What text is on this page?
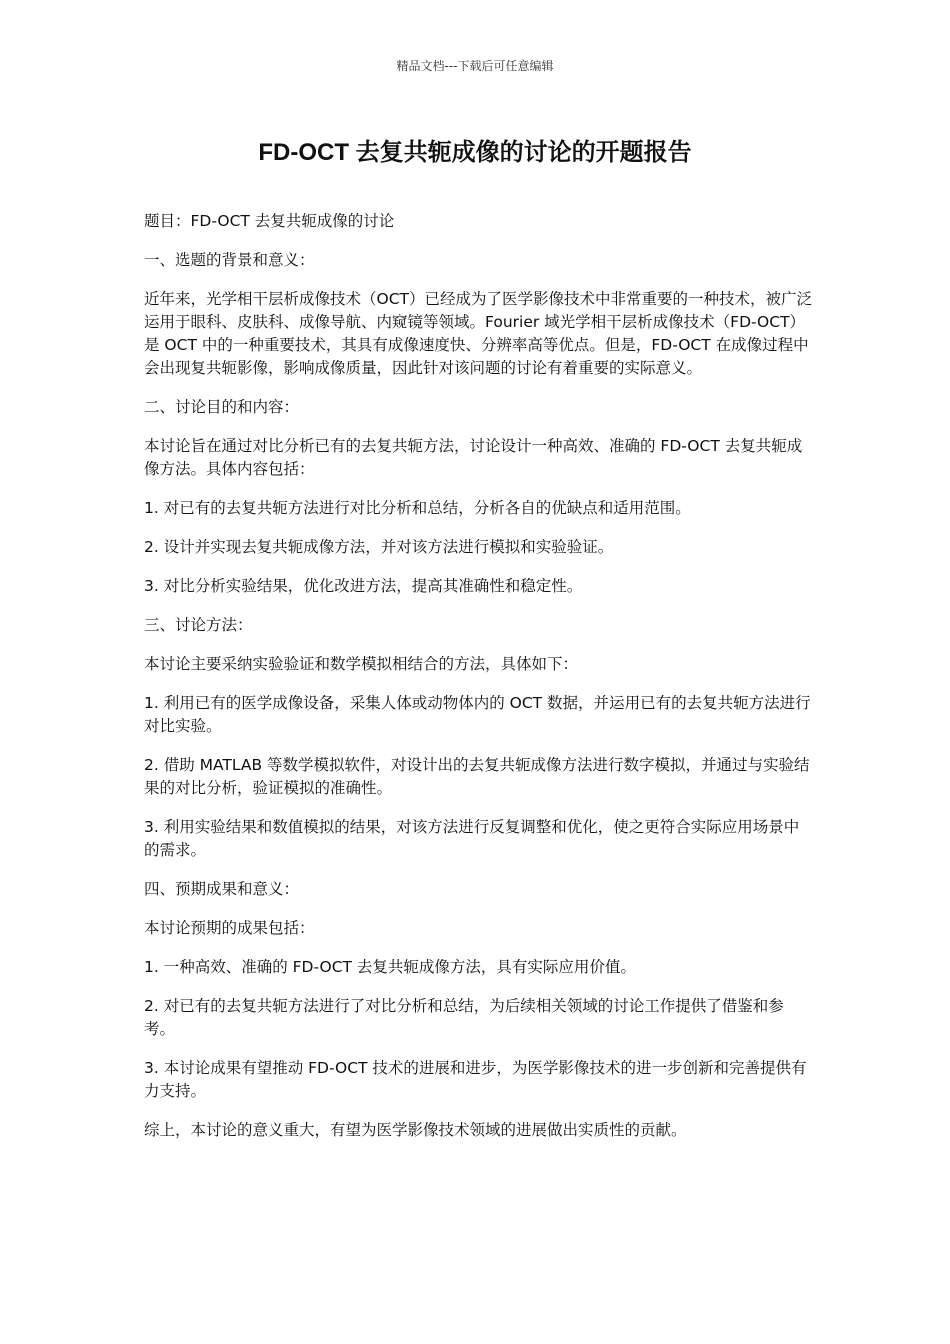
精品文档---下载后可任意编辑
FD-OCT 去复共轭成像的讨论的开题报告

题目：FD-OCT 去复共轭成像的讨论

一、选题的背景和意义：

近年来，光学相干层析成像技术（OCT）已经成为了医学影像技术中非常重要的一种技术，被广泛运用于眼科、皮肤科、成像导航、内窥镜等领域。Fourier 域光学相干层析成像技术（FD-OCT）是 OCT 中的一种重要技术，其具有成像速度快、分辨率高等优点。但是，FD-OCT 在成像过程中会出现复共轭影像，影响成像质量，因此针对该问题的讨论有着重要的实际意义。

二、讨论目的和内容：

本讨论旨在通过对比分析已有的去复共轭方法，讨论设计一种高效、准确的 FD-OCT 去复共轭成像方法。具体内容包括：

1. 对已有的去复共轭方法进行对比分析和总结，分析各自的优缺点和适用范围。

2. 设计并实现去复共轭成像方法，并对该方法进行模拟和实验验证。

3. 对比分析实验结果，优化改进方法，提高其准确性和稳定性。

三、讨论方法：

本讨论主要采纳实验验证和数学模拟相结合的方法，具体如下：

1. 利用已有的医学成像设备，采集人体或动物体内的 OCT 数据，并运用已有的去复共轭方法进行对比实验。

2. 借助 MATLAB 等数学模拟软件，对设计出的去复共轭成像方法进行数字模拟，并通过与实验结果的对比分析，验证模拟的准确性。

3. 利用实验结果和数值模拟的结果，对该方法进行反复调整和优化，使之更符合实际应用场景中的需求。

四、预期成果和意义：

本讨论预期的成果包括：

1. 一种高效、准确的 FD-OCT 去复共轭成像方法，具有实际应用价值。

2. 对已有的去复共轭方法进行了对比分析和总结，为后续相关领域的讨论工作提供了借鉴和参考。

3. 本讨论成果有望推动 FD-OCT 技术的进展和进步，为医学影像技术的进一步创新和完善提供有力支持。

综上，本讨论的意义重大，有望为医学影像技术领域的进展做出实质性的贡献。
